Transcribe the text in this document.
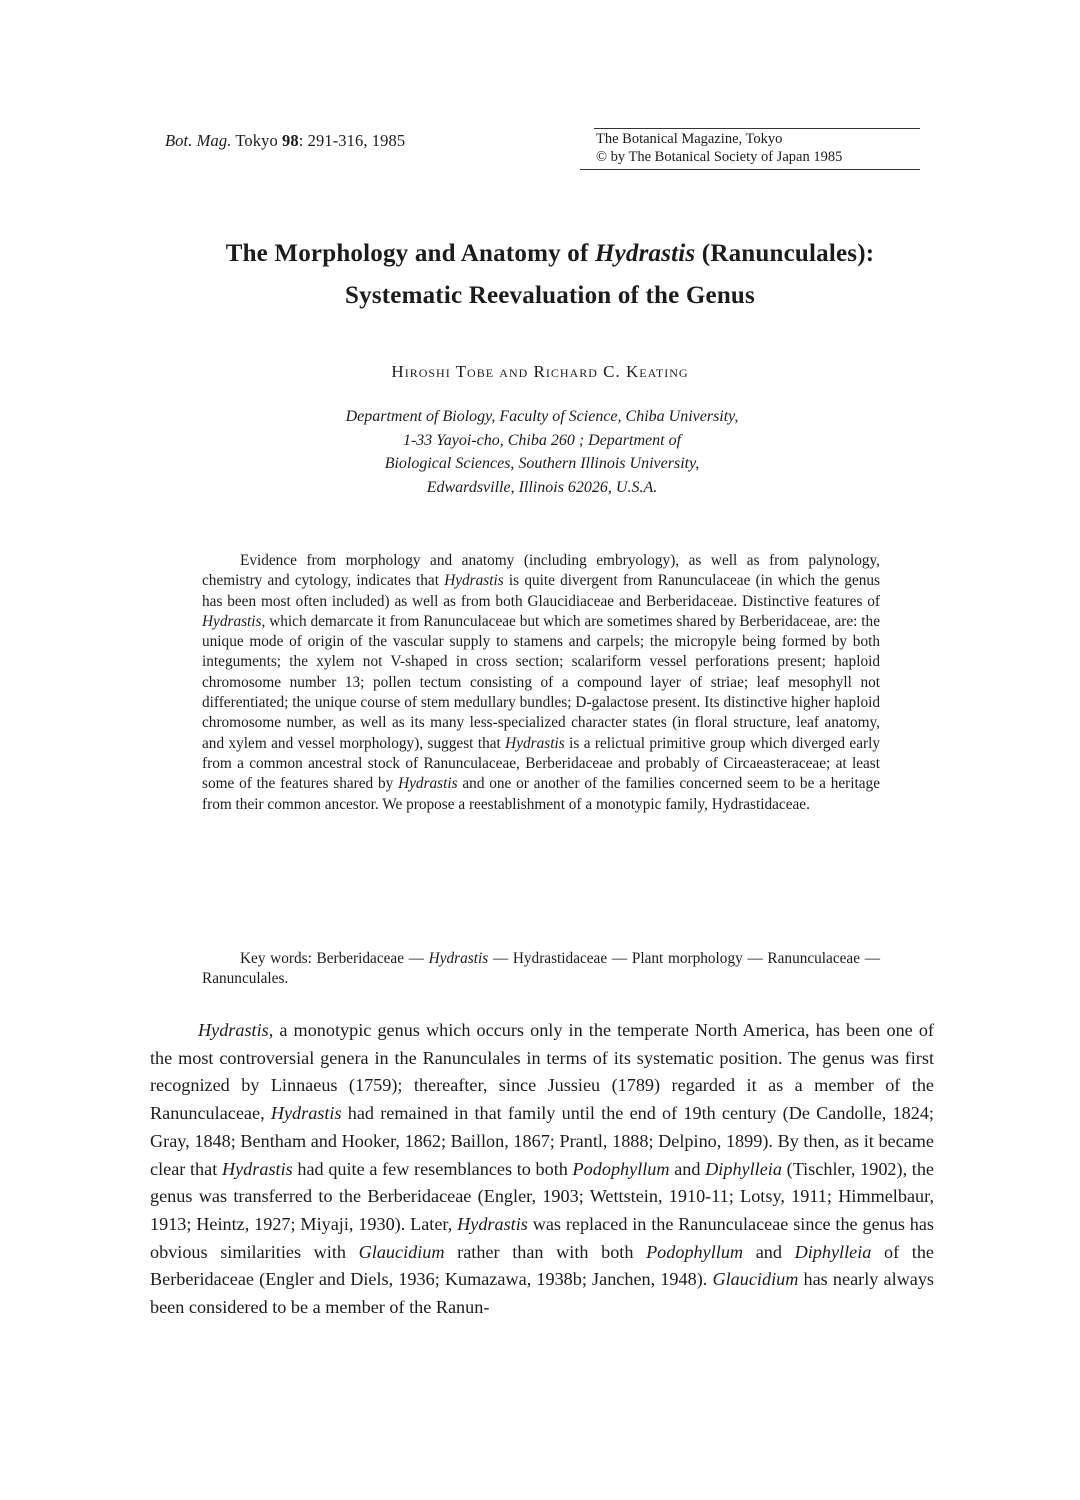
Bot. Mag. Tokyo 98: 291-316, 1985	The Botanical Magazine, Tokyo
© by The Botanical Society of Japan 1985
The Morphology and Anatomy of Hydrastis (Ranunculales):
Systematic Reevaluation of the Genus
Hiroshi Tobe and Richard C. Keating
Department of Biology, Faculty of Science, Chiba University,
1-33 Yayoi-cho, Chiba 260 ; Department of
Biological Sciences, Southern Illinois University,
Edwardsville, Illinois 62026, U.S.A.

Evidence from morphology and anatomy (including embryology), as well as from palynology, chemistry and cytology, indicates that Hydrastis is quite divergent from Ranunculaceae (in which the genus has been most often included) as well as from both Glaucidiaceae and Berberidaceae. Distinctive features of Hydrastis, which demarcate it from Ranunculaceae but which are sometimes shared by Berberidaceae, are: the unique mode of origin of the vascular supply to stamens and carpels; the micropyle being formed by both integuments; the xylem not V-shaped in cross section; scalariform vessel perforations present; haploid chromosome number 13; pollen tectum consisting of a compound layer of striae; leaf mesophyll not differentiated; the unique course of stem medullary bundles; D-galactose present. Its distinctive higher haploid chromosome number, as well as its many less-specialized character states (in floral structure, leaf anatomy, and xylem and vessel morphology), suggest that Hydrastis is a relictual primitive group which diverged early from a common ancestral stock of Ranunculaceae, Berberidaceae and probably of Circaeasteraceae; at least some of the features shared by Hydrastis and one or another of the families concerned seem to be a heritage from their common ancestor. We propose a reestablishment of a monotypic family, Hydrastidaceae.

Key words: Berberidaceae — Hydrastis — Hydrastidaceae — Plant morphology — Ranunculaceae — Ranunculales.

Hydrastis, a monotypic genus which occurs only in the temperate North America, has been one of the most controversial genera in the Ranunculales in terms of its systematic position. The genus was first recognized by Linnaeus (1759); thereafter, since Jussieu (1789) regarded it as a member of the Ranunculaceae, Hydrastis had remained in that family until the end of 19th century (De Candolle, 1824; Gray, 1848; Bentham and Hooker, 1862; Baillon, 1867; Prantl, 1888; Delpino, 1899). By then, as it became clear that Hydrastis had quite a few resemblances to both Podophyllum and Diphylleia (Tischler, 1902), the genus was transferred to the Berberidaceae (Engler, 1903; Wettstein, 1910-11; Lotsy, 1911; Himmelbaur, 1913; Heintz, 1927; Miyaji, 1930). Later, Hydrastis was replaced in the Ranunculaceae since the genus has obvious similarities with Glaucidium rather than with both Podophyllum and Diphylleia of the Berberidaceae (Engler and Diels, 1936; Kumazawa, 1938b; Janchen, 1948). Glaucidium has nearly always been considered to be a member of the Ranun-
